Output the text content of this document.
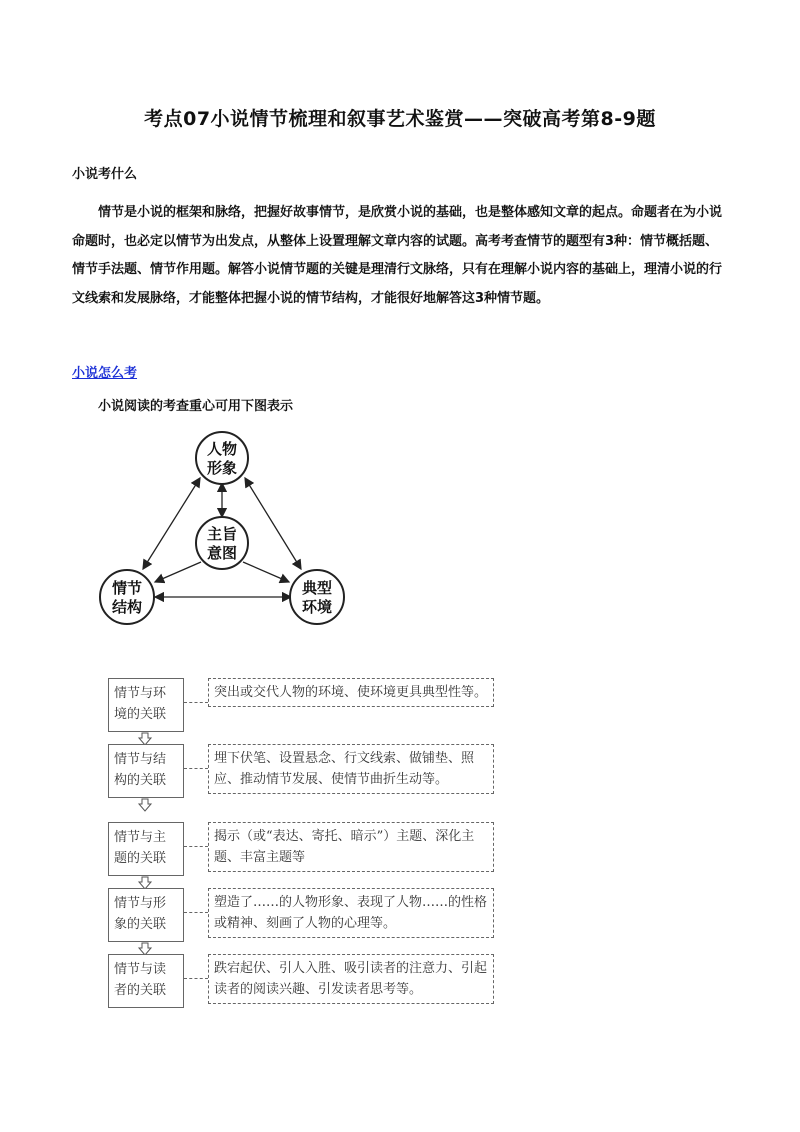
考点07小说情节梳理和叙事艺术鉴赏——突破高考第8-9题
小说考什么
情节是小说的框架和脉络，把握好故事情节，是欣赏小说的基础，也是整体感知文章的起点。命题者在为小说命题时，也必定以情节为出发点，从整体上设置理解文章内容的试题。高考考查情节的题型有3种：情节概括题、情节手法题、情节作用题。解答小说情节题的关键是理清行文脉络，只有在理解小说内容的基础上，理清小说的行文线索和发展脉络，才能整体把握小说的情节结构，才能很好地解答这3种情节题。
小说怎么考
小说阅读的考查重心可用下图表示
人物
形象
主旨
意图
情节
结构
典型
环境
情节与环境的关联
突出或交代人物的环境、使环境更具典型性等。
情节与结构的关联
埋下伏笔、设置悬念、行文线索、做铺垫、照应、推动情节发展、使情节曲折生动等。
情节与主题的关联
揭示（或“表达、寄托、暗示”）主题、深化主题、丰富主题等
情节与形象的关联
塑造了……的人物形象、表现了人物……的性格或精神、刻画了人物的心理等。
情节与读者的关联
跌宕起伏、引人入胜、吸引读者的注意力、引起读者的阅读兴趣、引发读者思考等。
